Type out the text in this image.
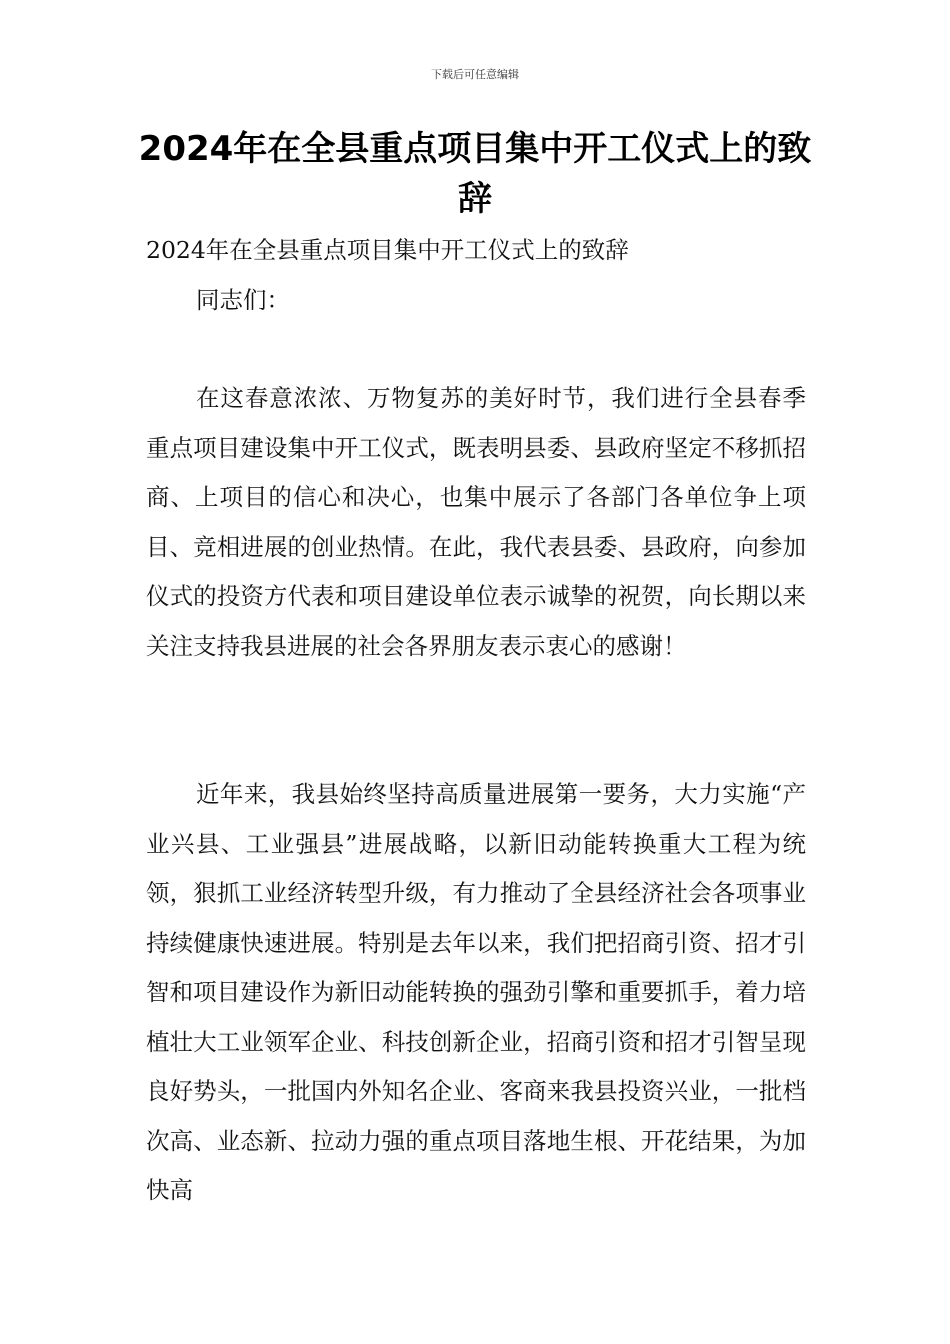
下载后可任意编辑
2024年在全县重点项目集中开工仪式上的致辞
2024年在全县重点项目集中开工仪式上的致辞
同志们：
在这春意浓浓、万物复苏的美好时节，我们进行全县春季重点项目建设集中开工仪式，既表明县委、县政府坚定不移抓招商、上项目的信心和决心，也集中展示了各部门各单位争上项目、竞相进展的创业热情。在此，我代表县委、县政府，向参加仪式的投资方代表和项目建设单位表示诚挚的祝贺，向长期以来关注支持我县进展的社会各界朋友表示衷心的感谢！
近年来，我县始终坚持高质量进展第一要务，大力实施“产业兴县、工业强县”进展战略，以新旧动能转换重大工程为统领，狠抓工业经济转型升级，有力推动了全县经济社会各项事业持续健康快速进展。特别是去年以来，我们把招商引资、招才引智和项目建设作为新旧动能转换的强劲引擎和重要抓手，着力培植壮大工业领军企业、科技创新企业，招商引资和招才引智呈现良好势头，一批国内外知名企业、客商来我县投资兴业，一批档次高、业态新、拉动力强的重点项目落地生根、开花结果，为加快高
